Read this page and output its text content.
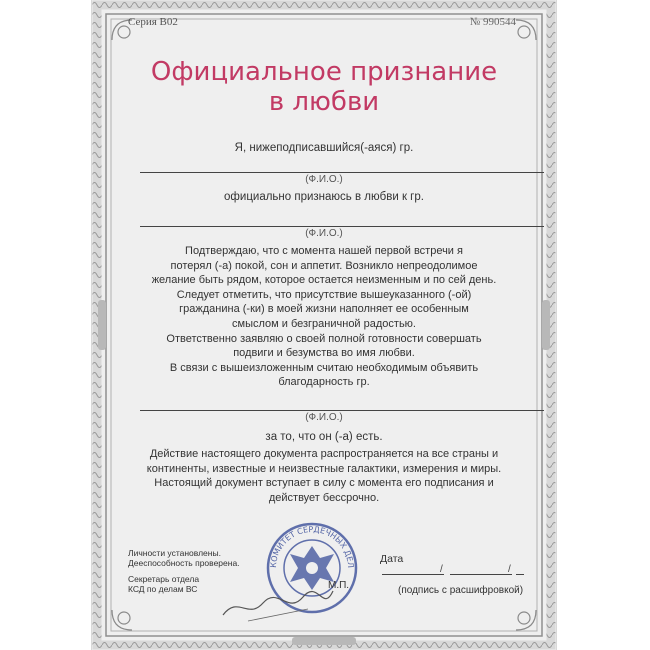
Серия В02	№ 990544
Официальное признание
в любви
Я, нижеподписавшийся(-аяся) гр.
(Ф.И.О.)
официально признаюсь в любви к гр.
(Ф.И.О.)
Подтверждаю, что с момента нашей первой встречи я
потерял (-а) покой, сон и аппетит. Возникло непреодолимое
желание быть рядом, которое остается неизменным и по сей день.
Следует отметить, что присутствие вышеуказанного (-ой)
гражданина (-ки) в моей жизни наполняет ее особенным
смыслом и безграничной радостью.
Ответственно заявляю о своей полной готовности совершать
подвиги и безумства во имя любви.
В связи с вышеизложенным считаю необходимым объявить
благодарность гр.
(Ф.И.О.)
за то, что он (-а) есть.
Действие настоящего документа распространяется на все страны и
континенты, известные и неизвестные галактики, измерения и миры.
Настоящий документ вступает в силу с момента его подписания и
действует бессрочно.
Личности установлены.
Дееспособность проверена.
Секретарь отдела
КСД по делам ВС
КОМИТЕТ СЕРДЕЧНЫХ ДЕЛ
М.П.
Дата
/	/
(подпись с расшифровкой)
